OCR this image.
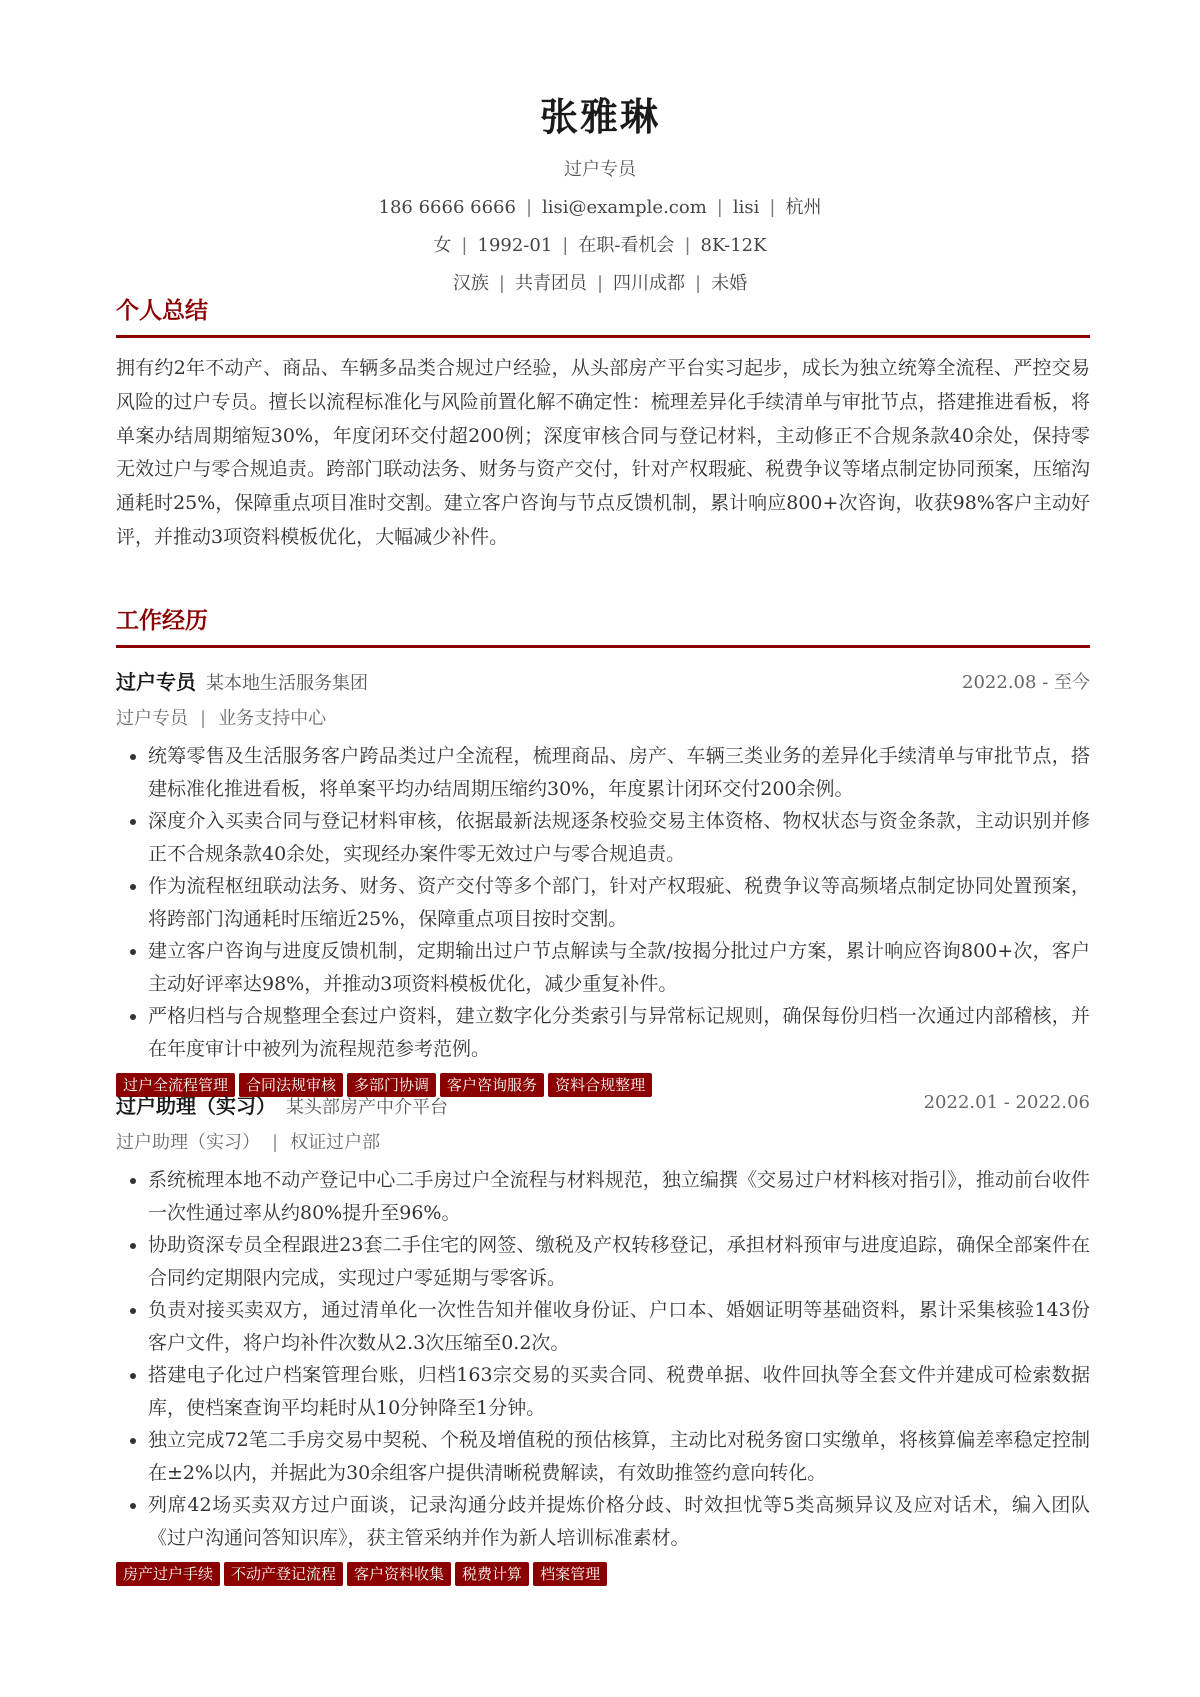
张雅琳
过户专员
186 6666 6666 | lisi@example.com | lisi | 杭州
女 | 1992-01 | 在职-看机会 | 8K-12K
汉族 | 共青团员 | 四川成都 | 未婚
个人总结
拥有约2年不动产、商品、车辆多品类合规过户经验，从头部房产平台实习起步，成长为独立统筹全流程、严控交易风险的过户专员。擅长以流程标准化与风险前置化解不确定性：梳理差异化手续清单与审批节点，搭建推进看板，将单案办结周期缩短30%，年度闭环交付超200例；深度审核合同与登记材料，主动修正不合规条款40余处，保持零无效过户与零合规追责。跨部门联动法务、财务与资产交付，针对产权瑕疵、税费争议等堵点制定协同预案，压缩沟通耗时25%，保障重点项目准时交割。建立客户咨询与节点反馈机制，累计响应800+次咨询，收获98%客户主动好评，并推动3项资料模板优化，大幅减少补件。
工作经历
过户专员 某本地生活服务集团	2022.08 - 至今
过户专员 | 业务支持中心
• 统筹零售及生活服务客户跨品类过户全流程，梳理商品、房产、车辆三类业务的差异化手续清单与审批节点，搭建标准化推进看板，将单案平均办结周期压缩约30%，年度累计闭环交付200余例。
• 深度介入买卖合同与登记材料审核，依据最新法规逐条校验交易主体资格、物权状态与资金条款，主动识别并修正不合规条款40余处，实现经办案件零无效过户与零合规追责。
• 作为流程枢纽联动法务、财务、资产交付等多个部门，针对产权瑕疵、税费争议等高频堵点制定协同处置预案，将跨部门沟通耗时压缩近25%，保障重点项目按时交割。
• 建立客户咨询与进度反馈机制，定期输出过户节点解读与全款/按揭分批过户方案，累计响应咨询800+次，客户主动好评率达98%，并推动3项资料模板优化，减少重复补件。
• 严格归档与合规整理全套过户资料，建立数字化分类索引与异常标记规则，确保每份归档一次通过内部稽核，并在年度审计中被列为流程规范参考范例。
过户全流程管理 合同法规审核 多部门协调 客户咨询服务 资料合规整理
过户助理（实习） 某头部房产中介平台	2022.01 - 2022.06
过户助理（实习） | 权证过户部
• 系统梳理本地不动产登记中心二手房过户全流程与材料规范，独立编撰《交易过户材料核对指引》，推动前台收件一次性通过率从约80%提升至96%。
• 协助资深专员全程跟进23套二手住宅的网签、缴税及产权转移登记，承担材料预审与进度追踪，确保全部案件在合同约定期限内完成，实现过户零延期与零客诉。
• 负责对接买卖双方，通过清单化一次性告知并催收身份证、户口本、婚姻证明等基础资料，累计采集核验143份客户文件，将户均补件次数从2.3次压缩至0.2次。
• 搭建电子化过户档案管理台账，归档163宗交易的买卖合同、税费单据、收件回执等全套文件并建成可检索数据库，使档案查询平均耗时从10分钟降至1分钟。
• 独立完成72笔二手房交易中契税、个税及增值税的预估核算，主动比对税务窗口实缴单，将核算偏差率稳定控制在±2%以内，并据此为30余组客户提供清晰税费解读，有效助推签约意向转化。
• 列席42场买卖双方过户面谈，记录沟通分歧并提炼价格分歧、时效担忧等5类高频异议及应对话术，编入团队《过户沟通问答知识库》，获主管采纳并作为新人培训标准素材。
房产过户手续 不动产登记流程 客户资料收集 税费计算 档案管理
